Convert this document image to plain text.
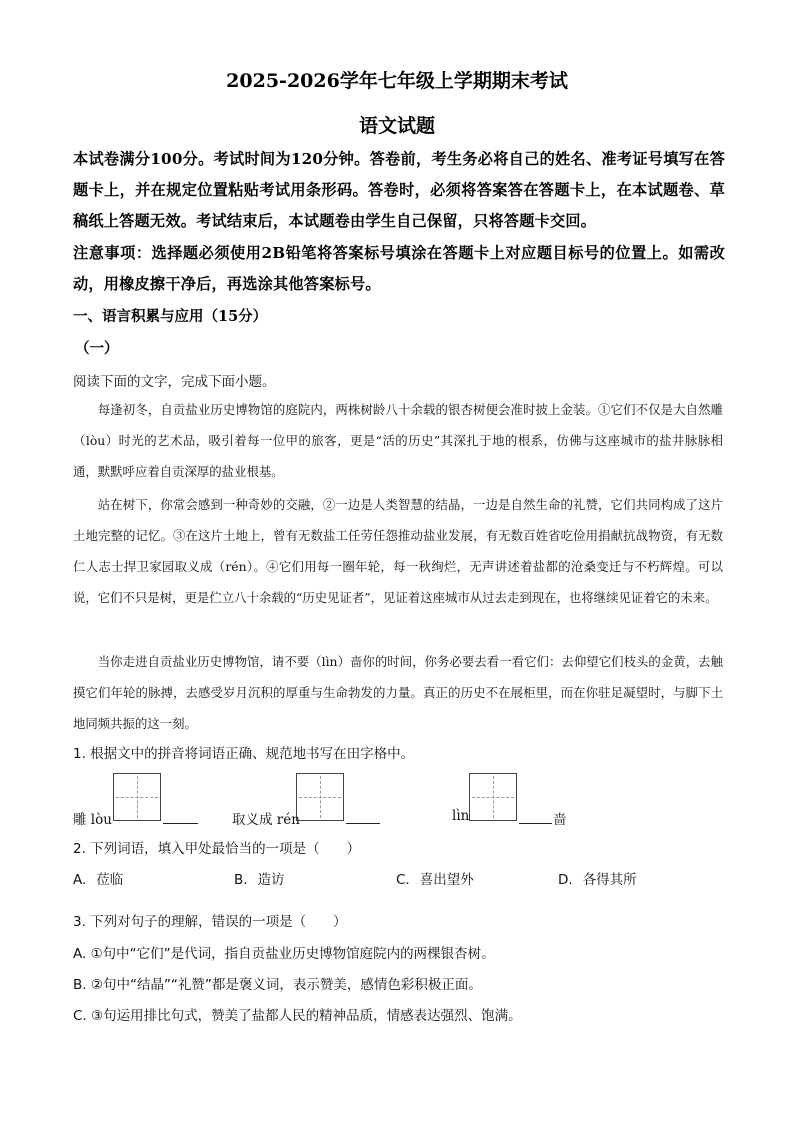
2025-2026学年七年级上学期期末考试
语文试题
本试卷满分100分。考试时间为120分钟。答卷前，考生务必将自己的姓名、准考证号填写在答题卡上，并在规定位置粘贴考试用条形码。答卷时，必须将答案答在答题卡上，在本试题卷、草稿纸上答题无效。考试结束后，本试题卷由学生自己保留，只将答题卡交回。
注意事项：选择题必须使用2B铅笔将答案标号填涂在答题卡上对应题目标号的位置上。如需改动，用橡皮擦干净后，再选涂其他答案标号。
一、语言积累与应用（15分）
（一）
阅读下面的文字，完成下面小题。
每逢初冬，自贡盐业历史博物馆的庭院内，两株树龄八十余载的银杏树便会准时披上金装。①它们不仅是大自然雕（lòu）时光的艺术品，吸引着每一位甲的旅客，更是“活的历史”其深扎于地的根系，仿佛与这座城市的盐井脉脉相通，默默呼应着自贡深厚的盐业根基。
站在树下，你常会感到一种奇妙的交融，②一边是人类智慧的结晶，一边是自然生命的礼赞，它们共同构成了这片土地完整的记忆。③在这片土地上，曾有无数盐工任劳任怨推动盐业发展，有无数百姓省吃俭用捐献抗战物资，有无数仁人志士捍卫家园取义成（rén）。④它们用每一圈年轮，每一秋绚烂，无声讲述着盐都的沧桑变迁与不朽辉煌。可以说，它们不只是树，更是伫立八十余载的“历史见证者”，见证着这座城市从过去走到现在，也将继续见证着它的未来。
当你走进自贡盐业历史博物馆，请不要（lìn）啬你的时间，你务必要去看一看它们：去仰望它们枝头的金黄，去触摸它们年轮的脉搏，去感受岁月沉积的厚重与生命勃发的力量。真正的历史不在展柜里，而在你驻足凝望时，与脚下土地同频共振的这一刻。
1. 根据文中的拼音将词语正确、规范地书写在田字格中。
雕 lòu	取义成 rén	lìn	啬
2. 下列词语，填入甲处最恰当的一项是（　　）
A. 莅临	B. 造访	C. 喜出望外	D. 各得其所
3. 下列对句子的理解，错误的一项是（　　）
A. ①句中“它们”是代词，指自贡盐业历史博物馆庭院内的两棵银杏树。
B. ②句中“结晶”“礼赞”都是褒义词，表示赞美，感情色彩积极正面。
C. ③句运用排比句式，赞美了盐都人民的精神品质，情感表达强烈、饱满。
